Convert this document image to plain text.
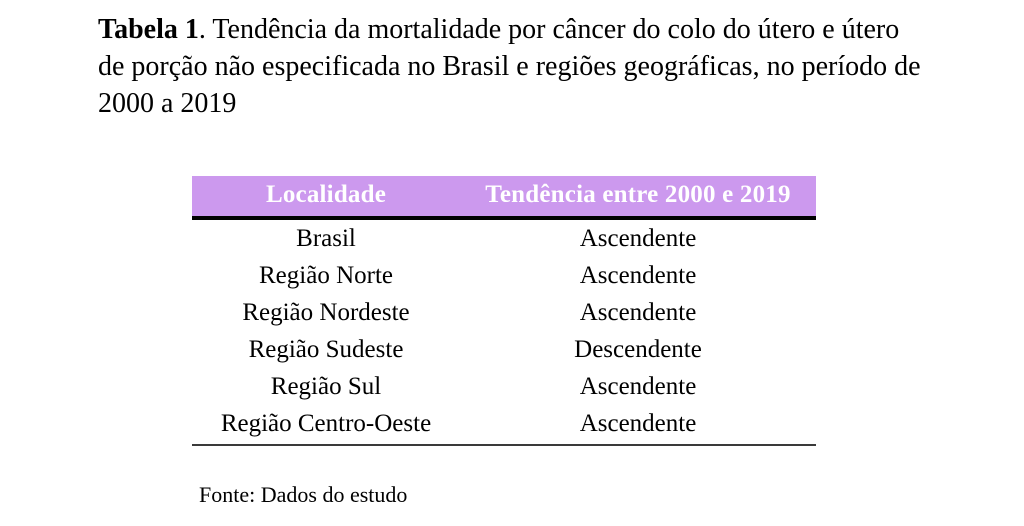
Tabela 1. Tendência da mortalidade por câncer do colo do útero e útero de porção não especificada no Brasil e regiões geográficas, no período de 2000 a 2019
Localidade	Tendência entre 2000 e 2019
Brasil	Ascendente
Região Norte	Ascendente
Região Nordeste	Ascendente
Região Sudeste	Descendente
Região Sul	Ascendente
Região Centro-Oeste	Ascendente
Fonte: Dados do estudo
